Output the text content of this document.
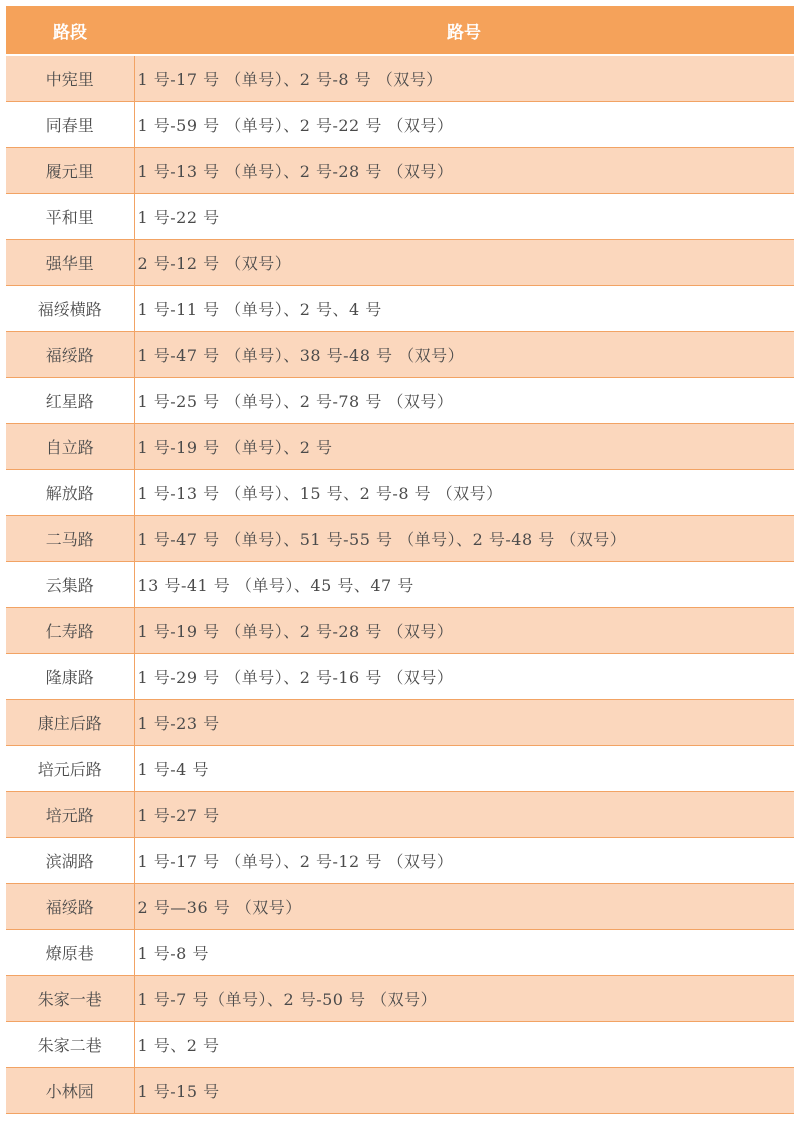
路段	路号
中宪里	1 号-17 号 （单号）、2 号-8 号 （双号）
同春里	1 号-59 号 （单号）、2 号-22 号 （双号）
履元里	1 号-13 号 （单号）、2 号-28 号 （双号）
平和里	1 号-22 号
强华里	2 号-12 号 （双号）
福绥横路	1 号-11 号 （单号）、2 号、4 号
福绥路	1 号-47 号 （单号）、38 号-48 号 （双号）
红星路	1 号-25 号 （单号）、2 号-78 号 （双号）
自立路	1 号-19 号 （单号）、2 号
解放路	1 号-13 号 （单号）、15 号、2 号-8 号 （双号）
二马路	1 号-47 号 （单号）、51 号-55 号 （单号）、2 号-48 号 （双号）
云集路	13 号-41 号 （单号）、45 号、47 号
仁寿路	1 号-19 号 （单号）、2 号-28 号 （双号）
隆康路	1 号-29 号 （单号）、2 号-16 号 （双号）
康庄后路	1 号-23 号
培元后路	1 号-4 号
培元路	1 号-27 号
滨湖路	1 号-17 号 （单号）、2 号-12 号 （双号）
福绥路	2 号—36 号 （双号）
燎原巷	1 号-8 号
朱家一巷	1 号-7 号（单号）、2 号-50 号 （双号）
朱家二巷	1 号、2 号
小林园	1 号-15 号
